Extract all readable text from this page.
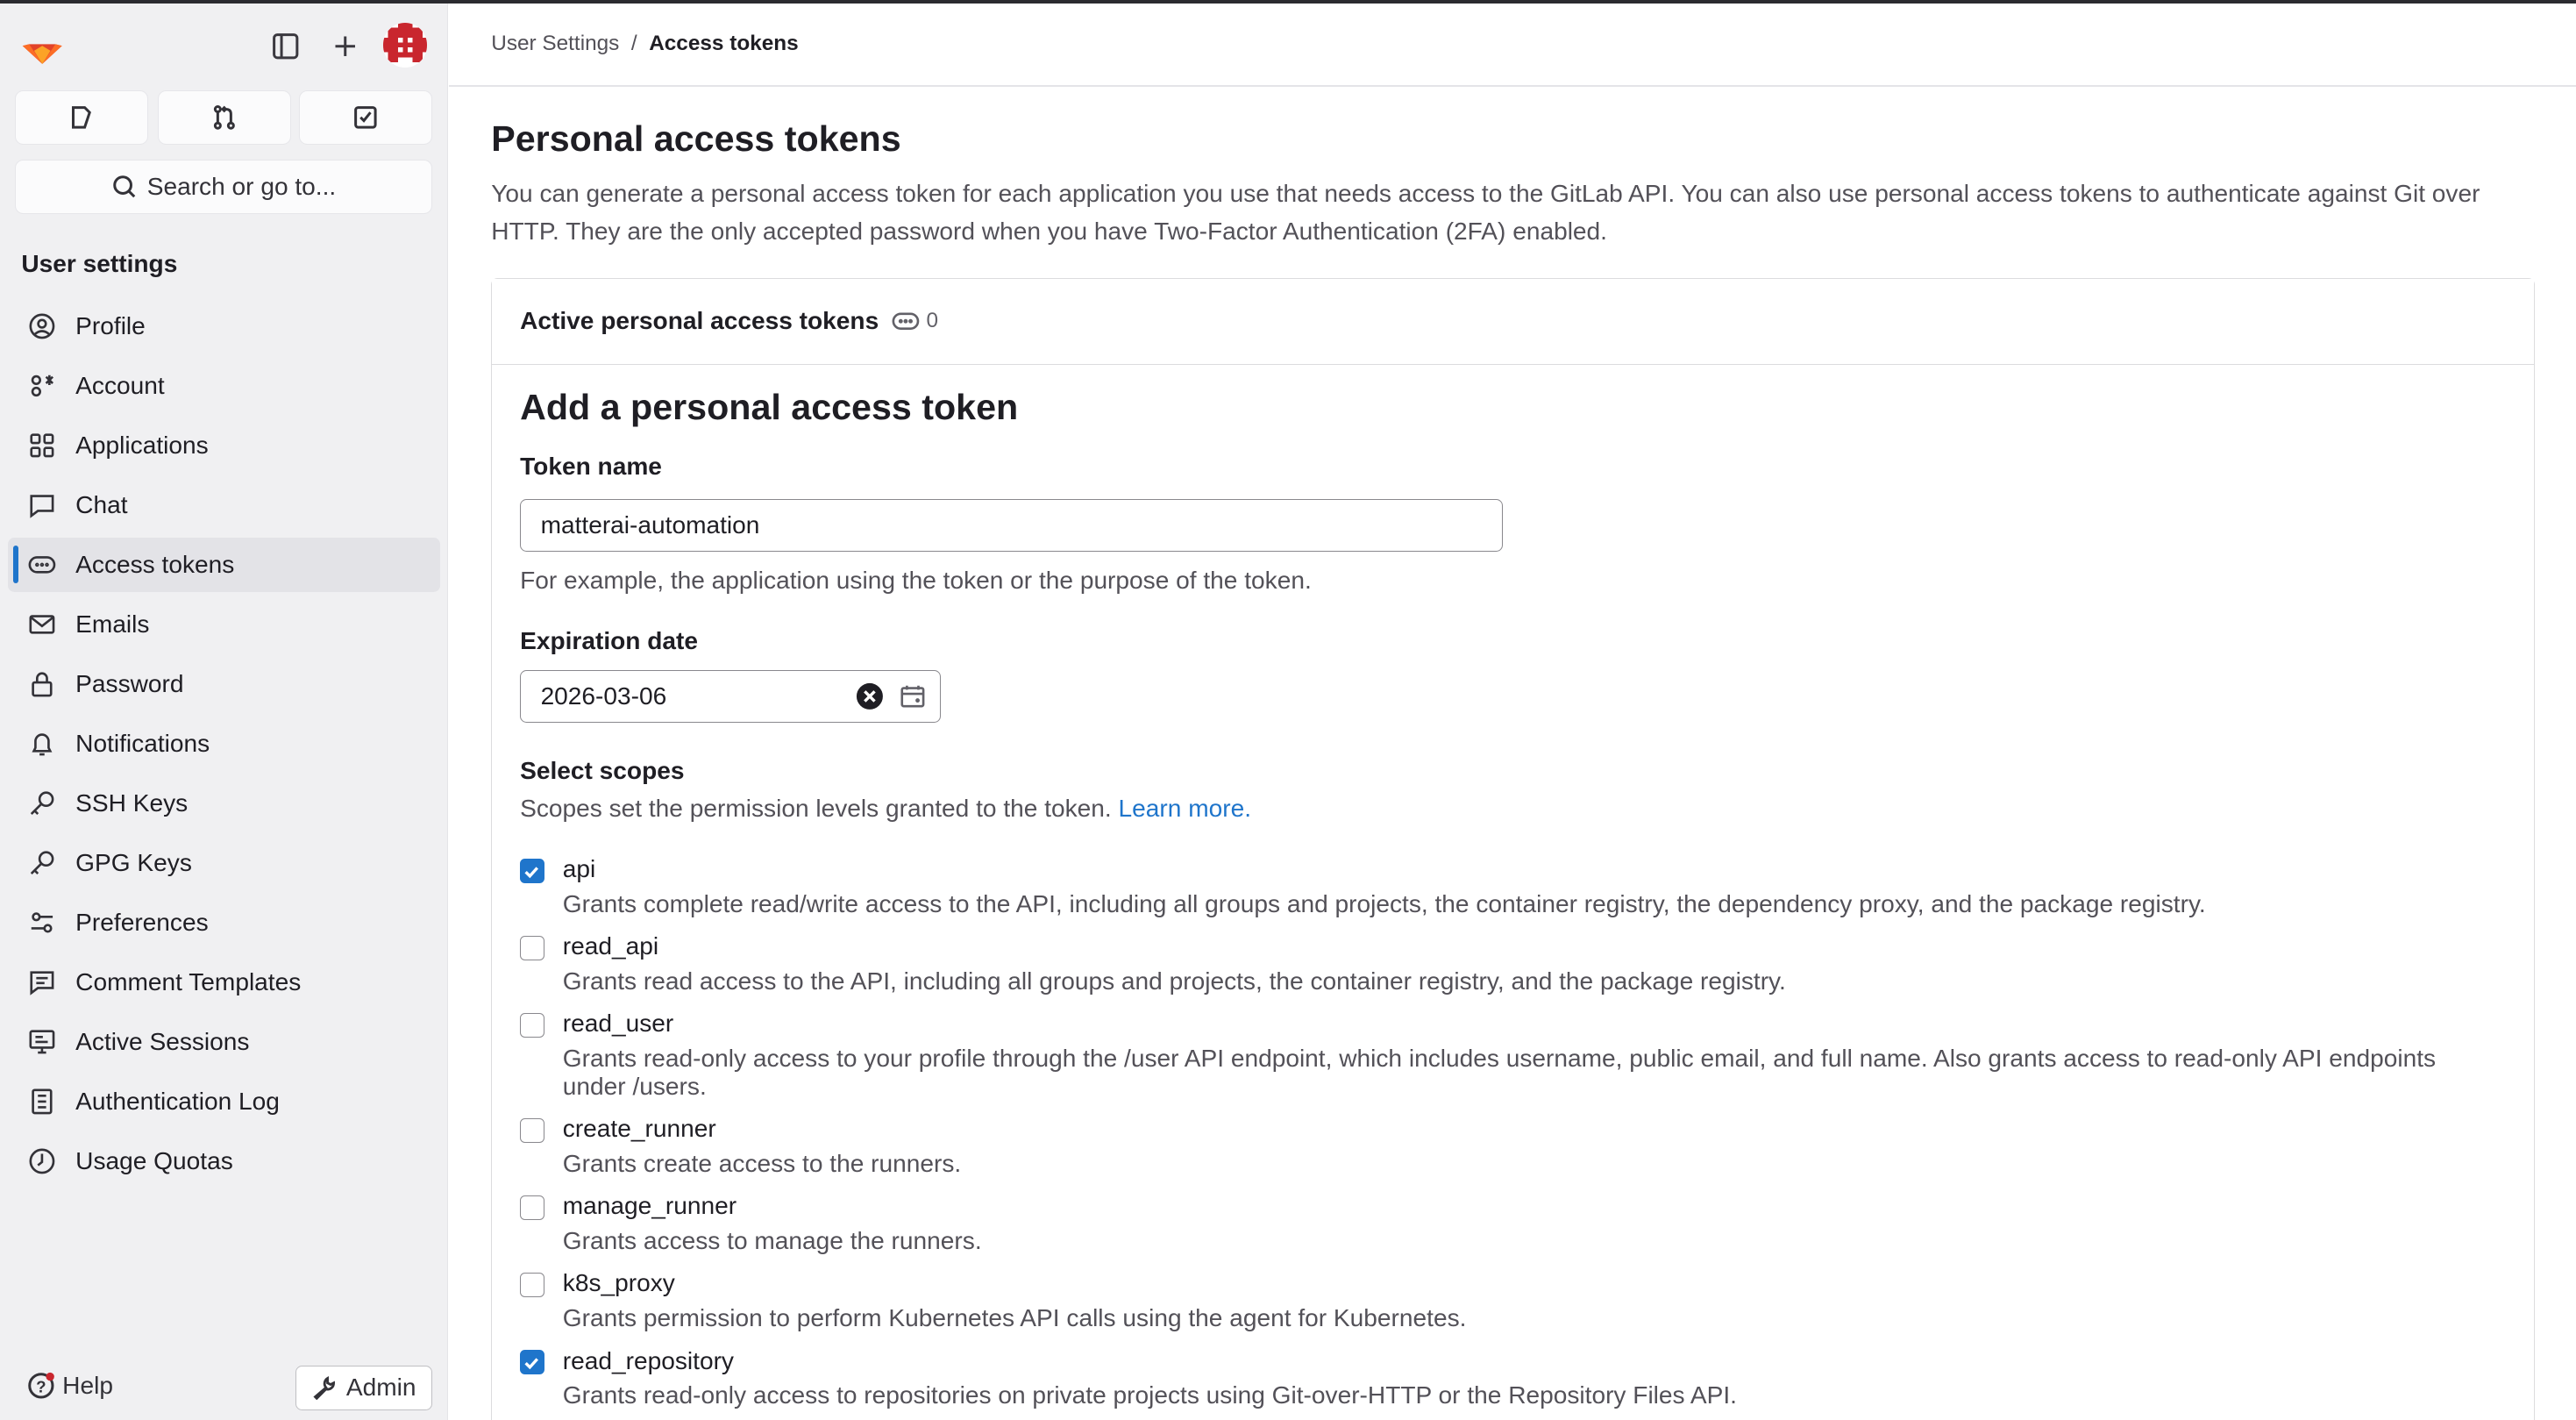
Search or go to...
User settings
Profile
Account
Applications
Chat
Access tokens
Emails
Password
Notifications
SSH Keys
GPG Keys
Preferences
Comment Templates
Active Sessions
Authentication Log
Usage Quotas
? Help	Admin
User Settings / Access tokens
Personal access tokens
You can generate a personal access token for each application you use that needs access to the GitLab API. You can also use personal access tokens to authenticate against Git over HTTP. They are the only accepted password when you have Two-Factor Authentication (2FA) enabled.
Active personal access tokens	0
Add a personal access token
Token name
matterai-automation
For example, the application using the token or the purpose of the token.
Expiration date
2026-03-06
Select scopes
Scopes set the permission levels granted to the token. Learn more.
api
Grants complete read/write access to the API, including all groups and projects, the container registry, the dependency proxy, and the package registry.
read_api
Grants read access to the API, including all groups and projects, the container registry, and the package registry.
read_user
Grants read-only access to your profile through the /user API endpoint, which includes username, public email, and full name. Also grants access to read-only API endpoints under /users.
create_runner
Grants create access to the runners.
manage_runner
Grants access to manage the runners.
k8s_proxy
Grants permission to perform Kubernetes API calls using the agent for Kubernetes.
read_repository
Grants read-only access to repositories on private projects using Git-over-HTTP or the Repository Files API.
